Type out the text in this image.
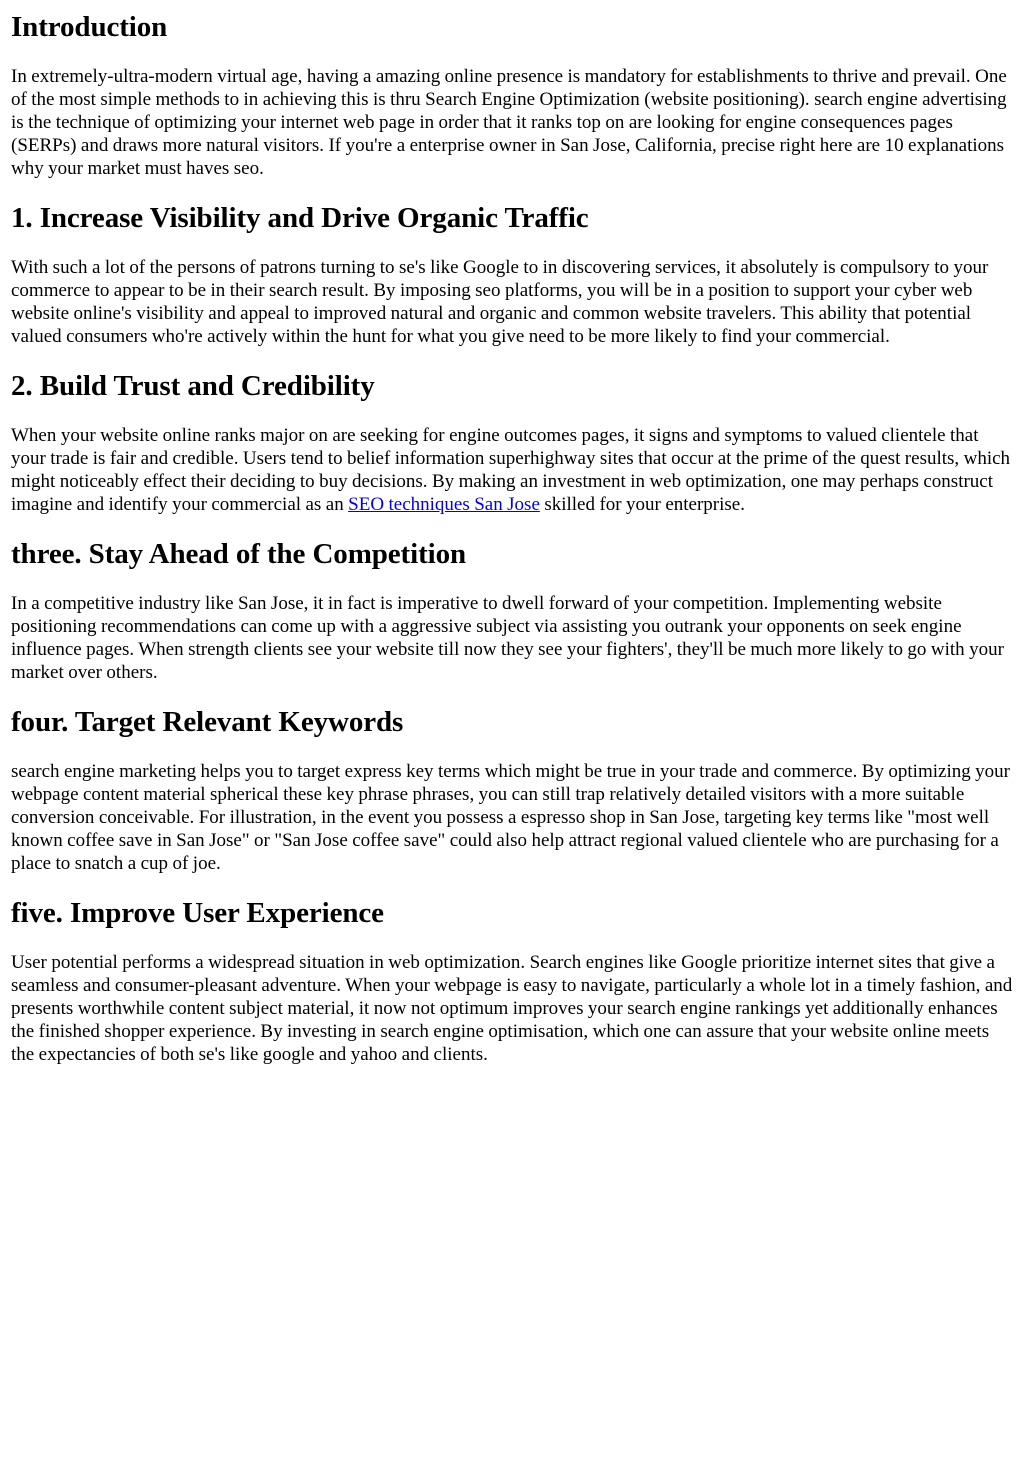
Introduction

In extremely-ultra-modern virtual age, having a amazing online presence is mandatory for establishments to thrive and prevail. One of the most simple methods to in achieving this is thru Search Engine Optimization (website positioning). search engine advertising is the technique of optimizing your internet web page in order that it ranks top on are looking for engine consequences pages (SERPs) and draws more natural visitors. If you're a enterprise owner in San Jose, California, precise right here are 10 explanations why your market must haves seo.

1. Increase Visibility and Drive Organic Traffic

With such a lot of the persons of patrons turning to se's like Google to in discovering services, it absolutely is compulsory to your commerce to appear to be in their search result. By imposing seo platforms, you will be in a position to support your cyber web website online's visibility and appeal to improved natural and organic and common website travelers. This ability that potential valued consumers who're actively within the hunt for what you give need to be more likely to find your commercial.

2. Build Trust and Credibility

When your website online ranks major on are seeking for engine outcomes pages, it signs and symptoms to valued clientele that your trade is fair and credible. Users tend to belief information superhighway sites that occur at the prime of the quest results, which might noticeably effect their deciding to buy decisions. By making an investment in web optimization, one may perhaps construct imagine and identify your commercial as an SEO techniques San Jose skilled for your enterprise.

three. Stay Ahead of the Competition

In a competitive industry like San Jose, it in fact is imperative to dwell forward of your competition. Implementing website positioning recommendations can come up with a aggressive subject via assisting you outrank your opponents on seek engine influence pages. When strength clients see your website till now they see your fighters', they'll be much more likely to go with your market over others.

four. Target Relevant Keywords

search engine marketing helps you to target express key terms which might be true in your trade and commerce. By optimizing your webpage content material spherical these key phrase phrases, you can still trap relatively detailed visitors with a more suitable conversion conceivable. For illustration, in the event you possess a espresso shop in San Jose, targeting key terms like "most well known coffee save in San Jose" or "San Jose coffee save" could also help attract regional valued clientele who are purchasing for a place to snatch a cup of joe.

five. Improve User Experience

User potential performs a widespread situation in web optimization. Search engines like Google prioritize internet sites that give a seamless and consumer-pleasant adventure. When your webpage is easy to navigate, particularly a whole lot in a timely fashion, and presents worthwhile content subject material, it now not optimum improves your search engine rankings yet additionally enhances the finished shopper experience. By investing in search engine optimisation, which one can assure that your website online meets the expectancies of both se's like google and yahoo and clients.
